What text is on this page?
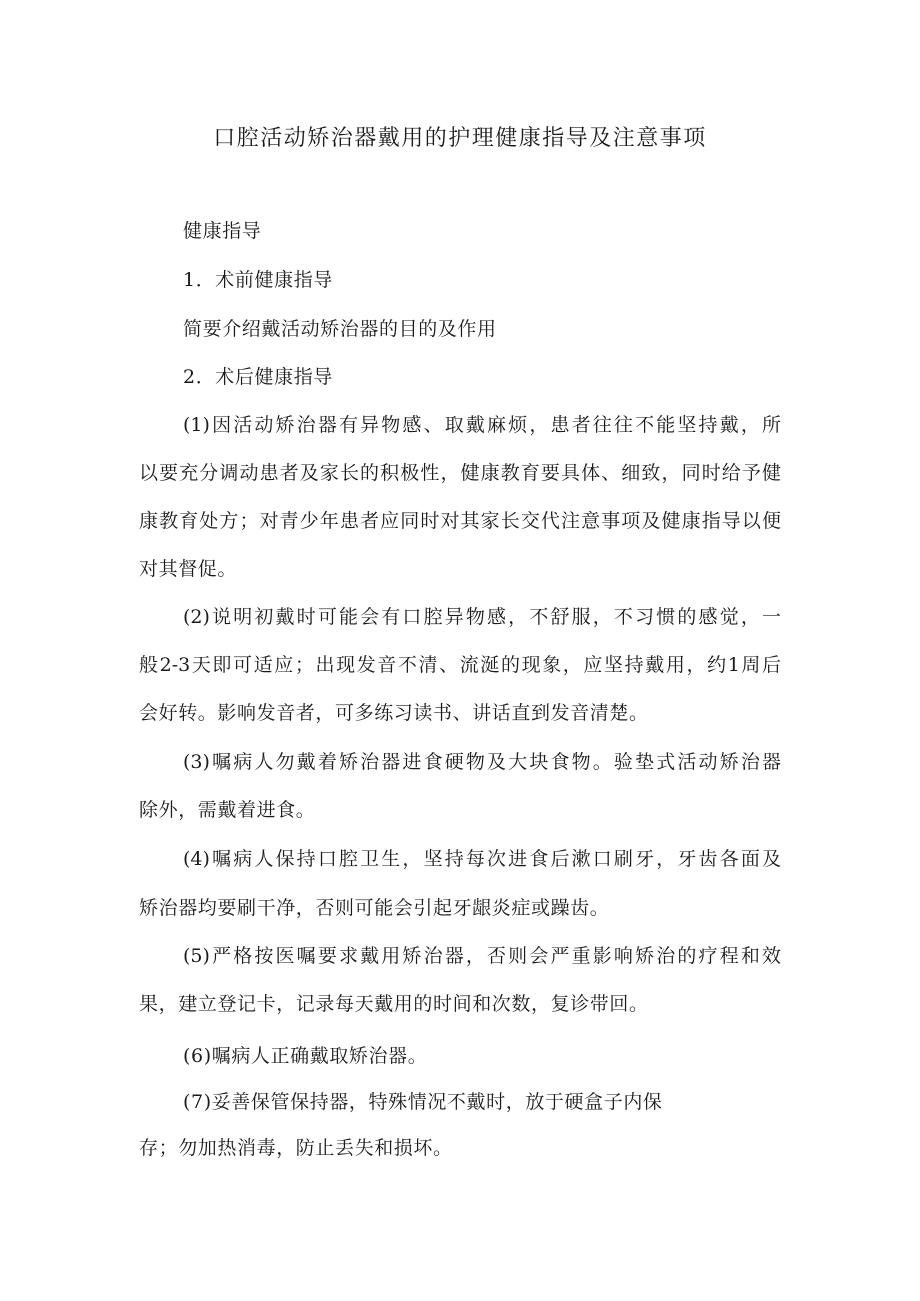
口腔活动矫治器戴用的护理健康指导及注意事项
健康指导
1．术前健康指导
简要介绍戴活动矫治器的目的及作用
2．术后健康指导
(1)因活动矫治器有异物感、取戴麻烦，患者往往不能坚持戴，所
以要充分调动患者及家长的积极性，健康教育要具体、细致，同时给予健
康教育处方；对青少年患者应同时对其家长交代注意事项及健康指导以便
对其督促。
(2)说明初戴时可能会有口腔异物感，不舒服，不习惯的感觉，一
般2-3天即可适应；出现发音不清、流涎的现象，应坚持戴用，约1周后
会好转。影响发音者，可多练习读书、讲话直到发音清楚。
(3)嘱病人勿戴着矫治器进食硬物及大块食物。验垫式活动矫治器
除外，需戴着进食。
(4)嘱病人保持口腔卫生，坚持每次进食后漱口刷牙，牙齿各面及
矫治器均要刷干净，否则可能会引起牙龈炎症或躁齿。
(5)严格按医嘱要求戴用矫治器，否则会严重影响矫治的疗程和效
果，建立登记卡，记录每天戴用的时间和次数，复诊带回。
(6)嘱病人正确戴取矫治器。
(7)妥善保管保持器，特殊情况不戴时，放于硬盒子内保
存；勿加热消毒，防止丢失和损坏。
